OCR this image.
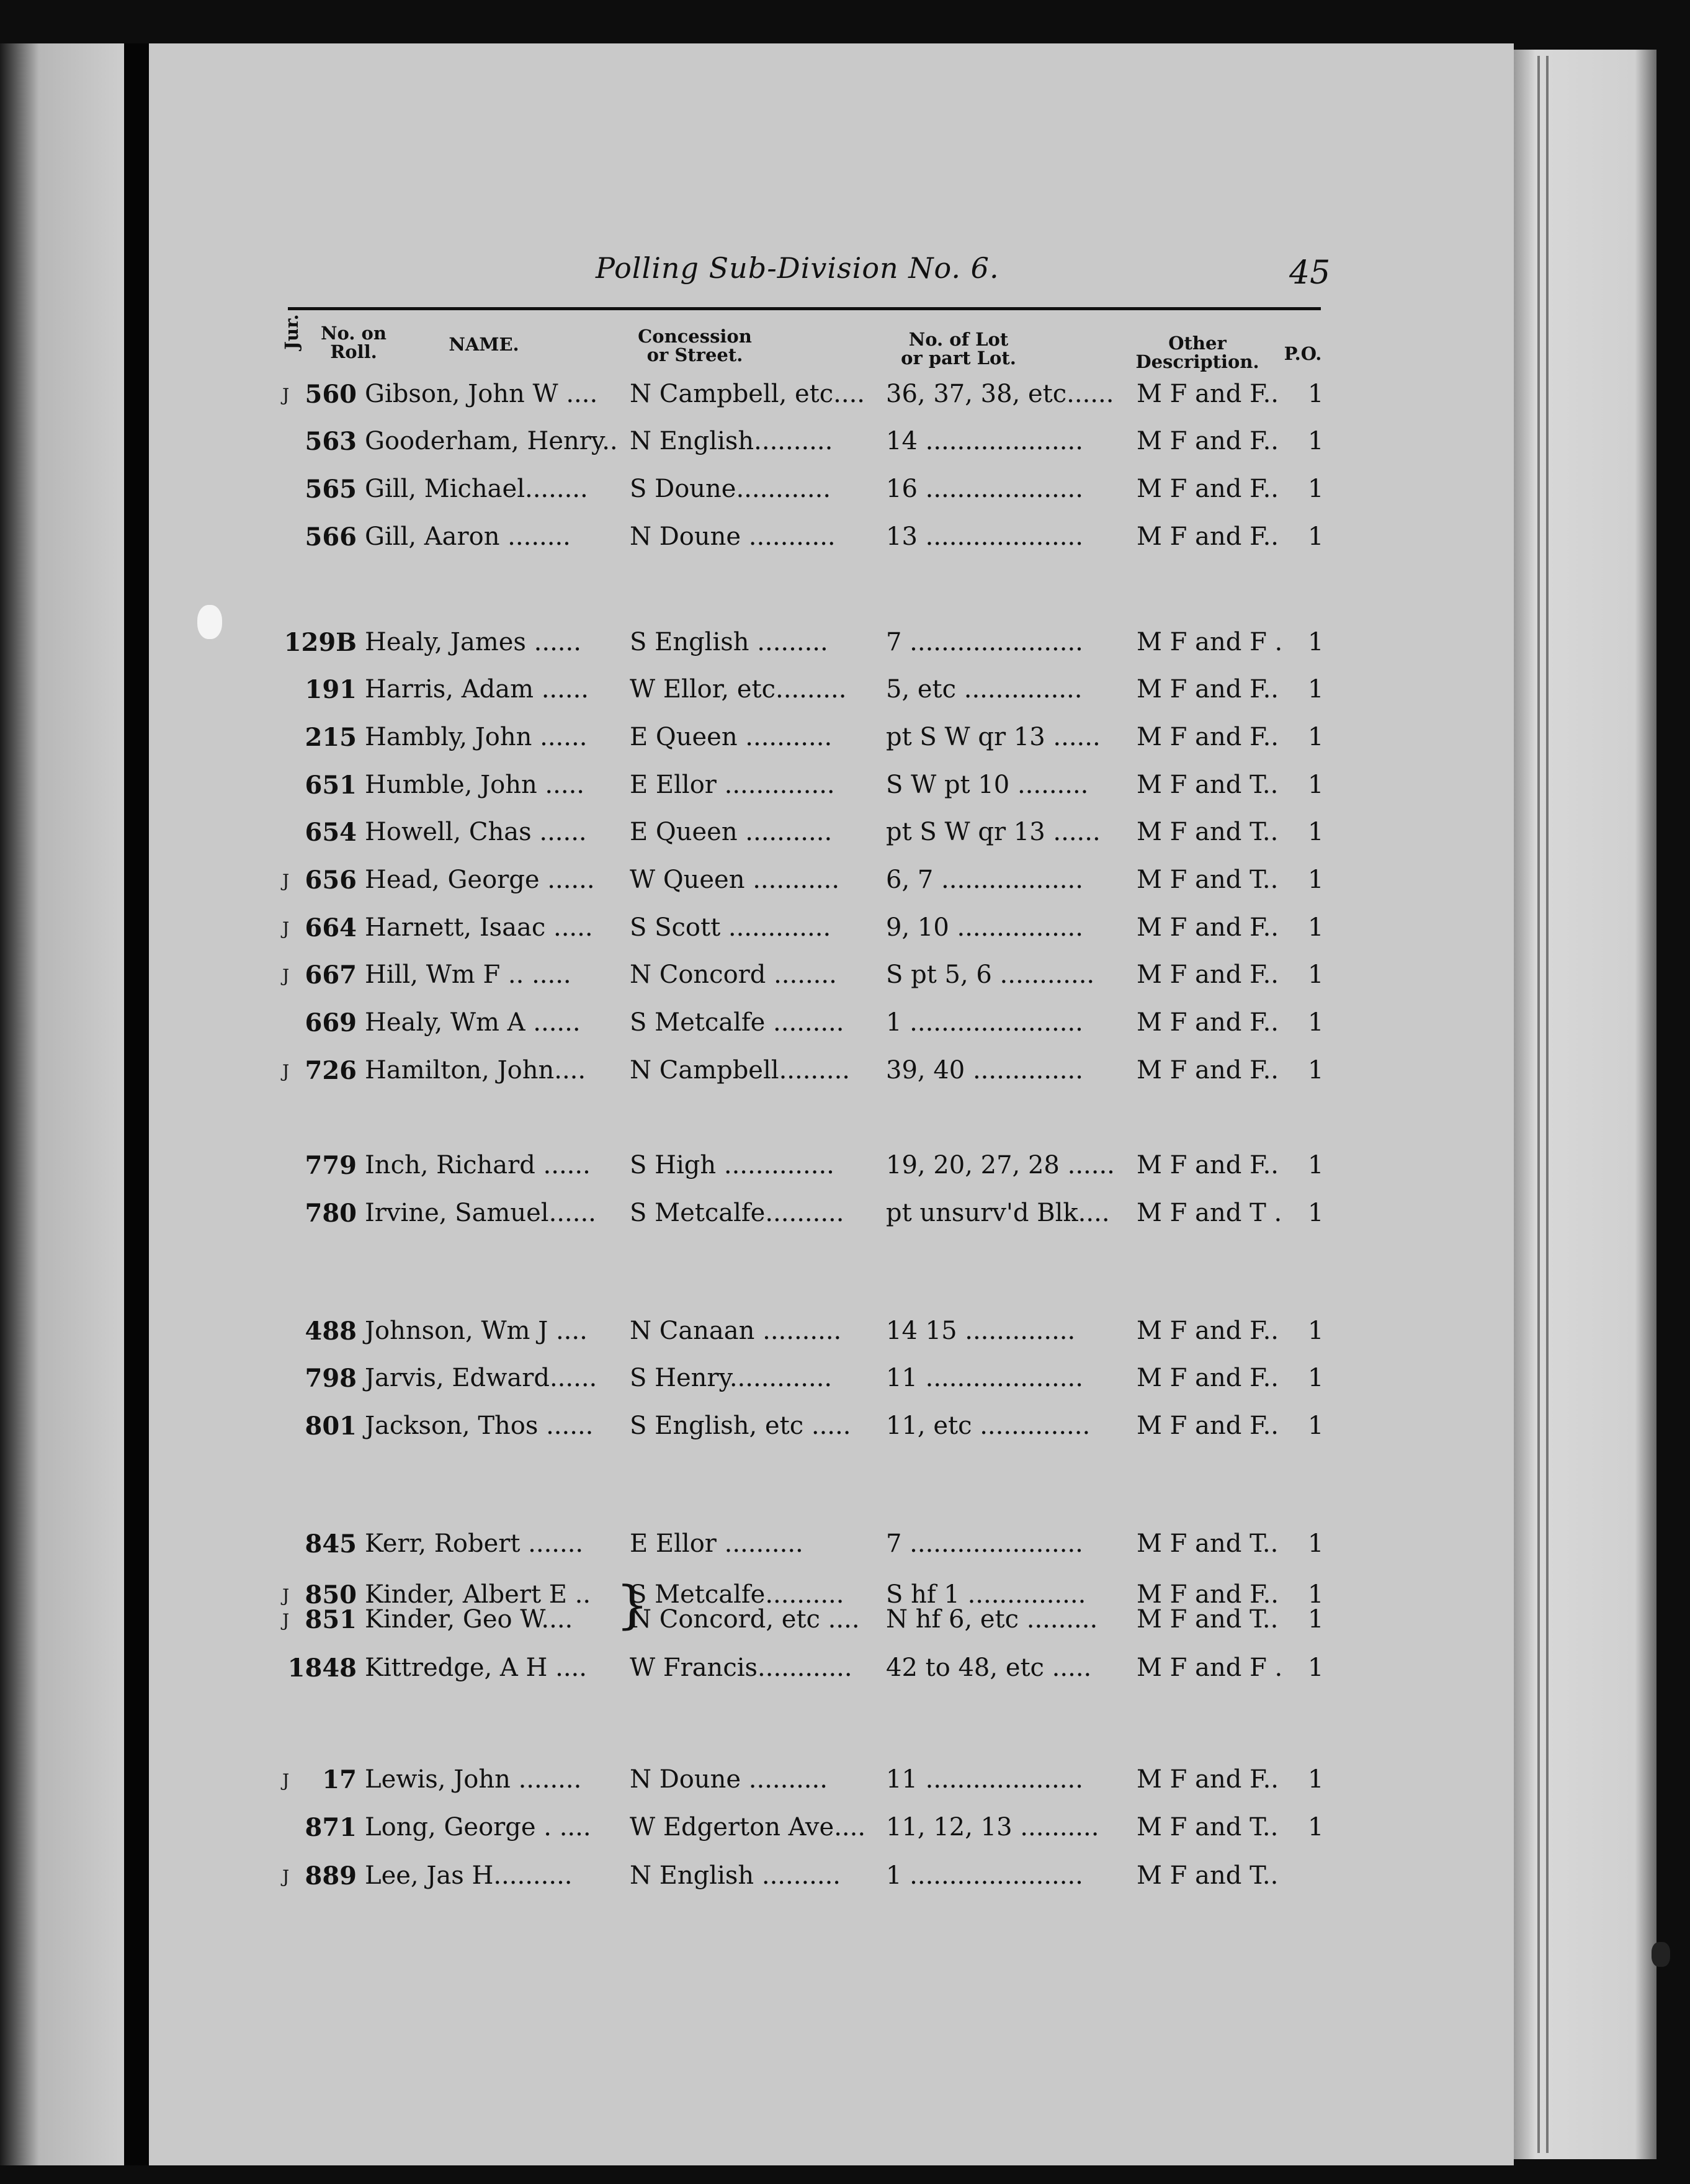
Polling Sub-Division No. 6.	45
Jur.	No. on
Roll.	NAME.	Concession
or Street.
No. of Lot
or part Lot.
Other
Description.	P.O.
J 560 Gibson, John W .... N Campbell, etc.... 36, 37, 38, etc...... M F and F.. 1
563 Gooderham, Henry.. N English.......... 14 .................... M F and F.. 1
565 Gill, Michael........ S Doune............ 16 .................... M F and F.. 1
566 Gill, Aaron ........ N Doune ........... 13 .................... M F and F.. 1
129B Healy, James ...... S English ......... 7 ...................... M F and F . 1
191 Harris, Adam ...... W Ellor, etc......... 5, etc ............... M F and F.. 1
215 Hambly, John ...... E Queen ........... pt S W qr 13 ...... M F and F.. 1
651 Humble, John ..... E Ellor .............. S W pt 10 ......... M F and T.. 1
654 Howell, Chas ...... E Queen ........... pt S W qr 13 ...... M F and T.. 1
J 656 Head, George ...... W Queen ........... 6, 7 .................. M F and T.. 1
J 664 Harnett, Isaac ..... S Scott ............. 9, 10 ................ M F and F.. 1
J 667 Hill, Wm F .. ..... N Concord ........ S pt 5, 6 ............ M F and F.. 1
669 Healy, Wm A ...... S Metcalfe ......... 1 ...................... M F and F.. 1
J 726 Hamilton, John.... N Campbell......... 39, 40 .............. M F and F.. 1
779 Inch, Richard ...... S High .............. 19, 20, 27, 28 ...... M F and F.. 1
780 Irvine, Samuel...... S Metcalfe.......... pt unsurv'd Blk.... M F and T . 1
488 Johnson, Wm J .... N Canaan .......... 14 15 .............. M F and F.. 1
798 Jarvis, Edward...... S Henry............. 11 .................... M F and F.. 1
801 Jackson, Thos ...... S English, etc ..... 11, etc .............. M F and F.. 1
845 Kerr, Robert ....... E Ellor ..........	7 ...................... M F and T.. 1
J 850 Kinder, Albert E .. S Metcalfe.......... S hf 1 ............... M F and F.. 1
J 851 Kinder, Geo W.... N Concord, etc .... N hf 6, etc ......... M F and T.. 1
1848 Kittredge, A H .... W Francis............ 42 to 48, etc ..... M F and F . 1
J	17 Lewis, John ........ N Doune .......... 11 .................... M F and F.. 1
871 Long, George . .... W Edgerton Ave.... 11, 12, 13 .......... M F and T.. 1
J 889 Lee, Jas H.......... N English .......... 1 ...................... M F and T..
}
